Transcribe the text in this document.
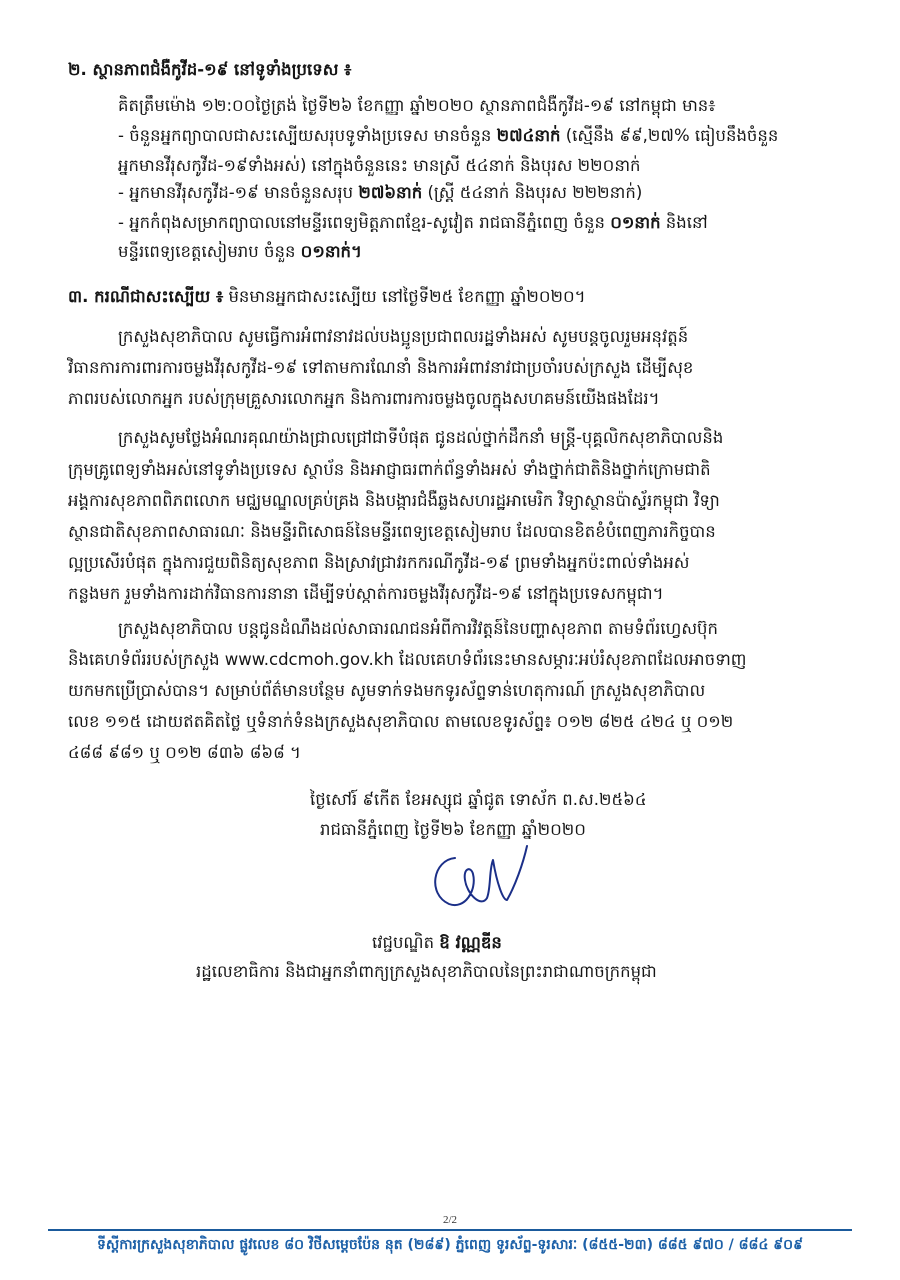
២. ស្ថានភាពជំងឺកូវីដ-១៩ នៅទូទាំងប្រទេស ៖
គិតត្រឹមម៉ោង ១២:០០ថ្ងៃត្រង់ ថ្ងៃទី២៦ ខែកញ្ញា ឆ្នាំ២០២០ ស្ថានភាពជំងឺកូវីដ-១៩ នៅកម្ពុជា មាន៖
- ចំនួនអ្នកព្យាបាលជាសះស្បើយសរុបទូទាំងប្រទេស មានចំនួន ២៧៤នាក់ (ស្មើនឹង ៩៩,២៧% ធៀបនឹងចំនួន
អ្នកមានវីរុសកូវីដ-១៩ទាំងអស់) នៅក្នុងចំនួននេះ មានស្រី ៥៤នាក់ និងបុរស ២២០នាក់
- អ្នកមានវីរុសកូវីដ-១៩ មានចំនួនសរុប ២៧៦នាក់ (ស្ត្រី ៥៤នាក់ និងបុរស ២២២នាក់)
- អ្នកកំពុងសម្រាកព្យាបាលនៅមន្ទីរពេទ្យមិត្តភាពខ្មែរ-សូវៀត រាជធានីភ្នំពេញ ចំនួន ០១នាក់ និងនៅ
មន្ទីរពេទ្យខេត្តសៀមរាប ចំនួន ០១នាក់។
៣. ករណីជាសះស្បើយ ៖ មិនមានអ្នកជាសះស្បើយ នៅថ្ងៃទី២៥ ខែកញ្ញា ឆ្នាំ២០២០។
ក្រសួងសុខាភិបាល សូមធ្វើការអំពាវនាវដល់បងប្អូនប្រជាពលរដ្ឋទាំងអស់ សូមបន្តចូលរួមអនុវត្តន៍
វិធានការការពារការចម្លងវីរុសកូវីដ-១៩ ទៅតាមការណែនាំ និងការអំពាវនាវជាប្រចាំរបស់ក្រសួង ដើម្បីសុខ
ភាពរបស់លោកអ្នក របស់ក្រុមគ្រួសារលោកអ្នក និងការពារការចម្លងចូលក្នុងសហគមន៍យើងផងដែរ។
ក្រសួងសូមថ្លែងអំណរគុណយ៉ាងជ្រាលជ្រៅជាទីបំផុត ជូនដល់ថ្នាក់ដឹកនាំ មន្ត្រី-បុគ្គលិកសុខាភិបាលនិង
ក្រុមគ្រូពេទ្យទាំងអស់នៅទូទាំងប្រទេស ស្ថាប័ន និងអាជ្ញាធរពាក់ព័ន្ធទាំងអស់ ទាំងថ្នាក់ជាតិនិងថ្នាក់ក្រោមជាតិ
អង្គការសុខភាពពិភពលោក មជ្ឈមណ្ឌលគ្រប់គ្រង និងបង្ការជំងឺឆ្លងសហរដ្ឋអាមេរិក វិទ្យាស្ថានប៉ាស្ទ័រកម្ពុជា វិទ្យា
ស្ថានជាតិសុខភាពសាធារណៈ និងមន្ទីរពិសោធន៍នៃមន្ទីរពេទ្យខេត្តសៀមរាប ដែលបានខិតខំបំពេញភារកិច្ចបាន
ល្អប្រសើរបំផុត ក្នុងការជួយពិនិត្យសុខភាព និងស្រាវជ្រាវរកករណីកូវីដ-១៩ ព្រមទាំងអ្នកប៉ះពាល់ទាំងអស់
កន្លងមក រួមទាំងការដាក់វិធានការនានា ដើម្បីទប់ស្កាត់ការចម្លងវីរុសកូវីដ-១៩ នៅក្នុងប្រទេសកម្ពុជា។
ក្រសួងសុខាភិបាល បន្តជូនដំណឹងដល់សាធារណជនអំពីការវិវត្តន៍នៃបញ្ហាសុខភាព តាមទំព័រហ្វេសប៊ុក
និងគេហទំព័ររបស់ក្រសួង www.cdcmoh.gov.kh ដែលគេហទំព័រនេះមានសម្ភារៈអប់រំសុខភាពដែលអាចទាញ
យកមកប្រើប្រាស់បាន។ សម្រាប់ព័ត៌មានបន្ថែម សូមទាក់ទងមកទូរស័ព្ទទាន់ហេតុការណ៍ ក្រសួងសុខាភិបាល
លេខ ១១៥ ដោយឥតគិតថ្លៃ ឬទំនាក់ទំនងក្រសួងសុខាភិបាល តាមលេខទូរស័ព្ទ៖ ០១២ ៨២៥ ៤២៤ ឬ ០១២
៤៨៨ ៩៨១ ឬ ០១២ ៨៣៦ ៨៦៨ ។
ថ្ងៃសៅរ៍ ៩កើត ខែអស្សុជ ឆ្នាំជូត ទោស័ក ព.ស.២៥៦៤
រាជធានីភ្នំពេញ ថ្ងៃទី២៦ ខែកញ្ញា ឆ្នាំ២០២០
វេជ្ជបណ្ឌិត ឱ វណ្ណឌីន
រដ្ឋលេខាធិការ និងជាអ្នកនាំពាក្យក្រសួងសុខាភិបាលនៃព្រះរាជាណាចក្រកម្ពុជា
2/2
ទីស្តីការក្រសួងសុខាភិបាល ផ្លូវលេខ ៨០ វិថីសម្តេចប៉ែន នុត (២៨៩) ភ្នំពេញ ទូរស័ព្ទ-ទូរសារៈ (៨៥៥-២៣) ៨៨៥ ៩៧០ / ៨៨៤ ៩០៩
